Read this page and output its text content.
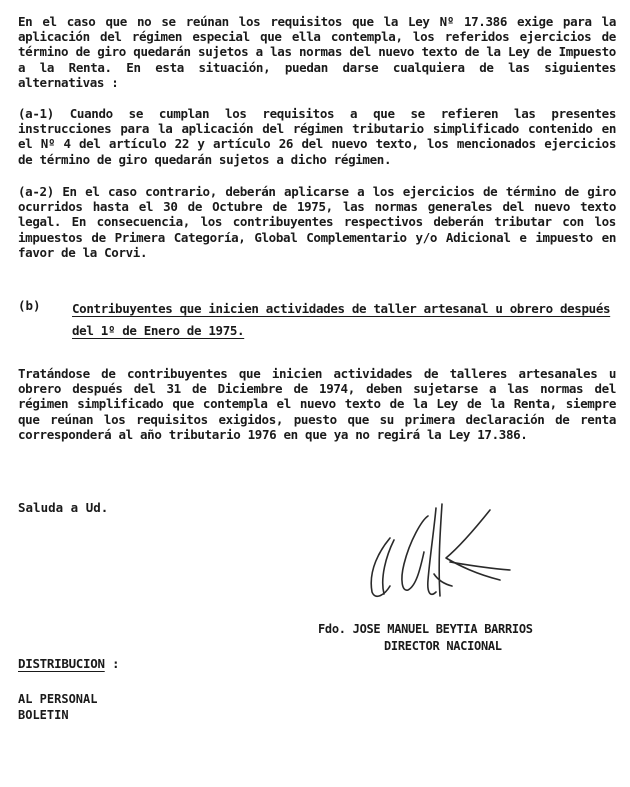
En el caso que no se reúnan los requisitos que la Ley Nº 17.386 exige para la aplicación del régimen especial que ella contempla, los referidos ejercicios de término de giro quedarán sujetos a las normas del nuevo texto de la Ley de Impuesto a la Renta. En esta situación, puedan darse cualquiera de las siguientes alternativas :

(a-1) Cuando se cumplan los requisitos a que se refieren las presentes instrucciones para la aplicación del régimen tributario simplificado contenido en el Nº 4 del artículo 22 y artículo 26 del nuevo texto, los mencionados ejercicios de término de giro quedarán sujetos a dicho régimen.

(a-2) En el caso contrario, deberán aplicarse a los ejercicios de término de giro ocurridos hasta el 30 de Octubre de 1975, las normas generales del nuevo texto legal. En consecuencia, los contribuyentes respectivos deberán tributar con los impuestos de Primera Categoría, Global Complementario y/o Adicional e impuesto en favor de la Corvi.

(b)	Contribuyentes que inicien actividades de taller artesanal u obrero después del 1º de Enero de 1975.

Tratándose de contribuyentes que inicien actividades de talleres artesanales u obrero después del 31 de Diciembre de 1974, deben sujetarse a las normas del régimen simplificado que contempla el nuevo texto de la Ley de la Renta, siempre que reúnan los requisitos exigidos, puesto que su primera declaración de renta corresponderá al año tributario 1976 en que ya no regirá la Ley 17.386.

Saluda a Ud.
Fdo. JOSE MANUEL BEYTIA BARRIOS
DIRECTOR NACIONAL
DISTRIBUCION :
AL PERSONAL
BOLETIN
